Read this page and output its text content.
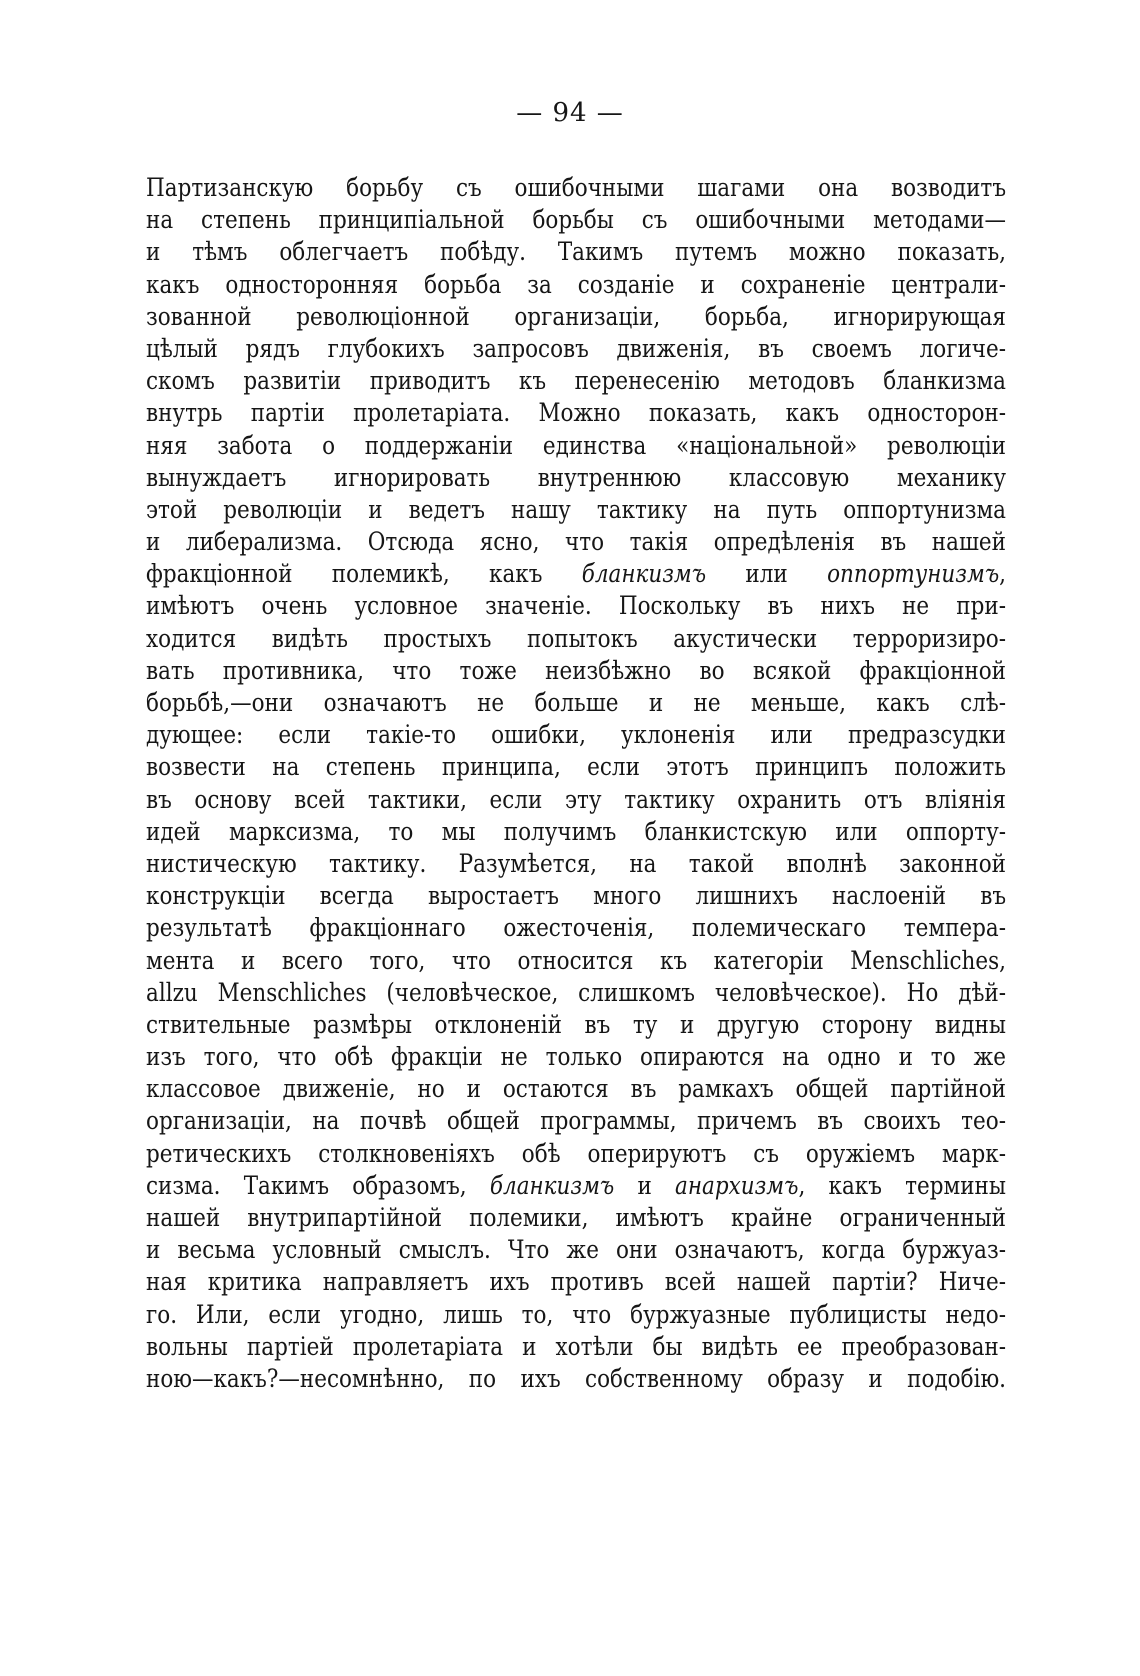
— 94 —
Партизанскую борьбу съ ошибочными шагами она возводитъ
на степень принципіальной борьбы съ ошибочными методами—
и тѣмъ облегчаетъ побѣду. Такимъ путемъ можно показать,
какъ односторонняя борьба за созданіе и сохраненіе централи-
зованной революціонной организаціи, борьба, игнорирующая
цѣлый рядъ глубокихъ запросовъ движенія, въ своемъ логиче-
скомъ развитіи приводитъ къ перенесенію методовъ бланкизма
внутрь партіи пролетаріата. Можно показать, какъ односторон-
няя забота о поддержаніи единства «національной» революціи
вынуждаетъ игнорировать внутреннюю классовую механику
этой революціи и ведетъ нашу тактику на путь оппортунизма
и либерализма. Отсюда ясно, что такія опредѣленія въ нашей
фракціонной полемикѣ, какъ бланкизмъ или оппортунизмъ,
имѣютъ очень условное значеніе. Поскольку въ нихъ не при-
ходится видѣть простыхъ попытокъ акустически терроризиро-
вать противника, что тоже неизбѣжно во всякой фракціонной
борьбѣ,—они означаютъ не больше и не меньше, какъ слѣ-
дующее: если такіе-то ошибки, уклоненія или предразсудки
возвести на степень принципа, если этотъ принципъ положить
въ основу всей тактики, если эту тактику охранить отъ вліянія
идей марксизма, то мы получимъ бланкистскую или оппорту-
нистическую тактику. Разумѣется, на такой вполнѣ законной
конструкціи всегда выростаетъ много лишнихъ наслоеній въ
результатѣ фракціоннаго ожесточенія, полемическаго темпера-
мента и всего того, что относится къ категоріи Menschliches,
allzu Menschliches (человѣческое, слишкомъ человѣческое). Но дѣй-
ствительные размѣры отклоненій въ ту и другую сторону видны
изъ того, что обѣ фракціи не только опираются на одно и то же
классовое движеніе, но и остаются въ рамкахъ общей партійной
организаціи, на почвѣ общей программы, причемъ въ своихъ тео-
ретическихъ столкновеніяхъ обѣ оперируютъ съ оружіемъ марк-
сизма. Такимъ образомъ, бланкизмъ и анархизмъ, какъ термины
нашей внутрипартійной полемики, имѣютъ крайне ограниченный
и весьма условный смыслъ. Что же они означаютъ, когда буржуаз-
ная критика направляетъ ихъ противъ всей нашей партіи? Ниче-
го. Или, если угодно, лишь то, что буржуазные публицисты недо-
вольны партіей пролетаріата и хотѣли бы видѣть ее преобразован-
ною—какъ?—несомнѣнно, по ихъ собственному образу и подобію.
